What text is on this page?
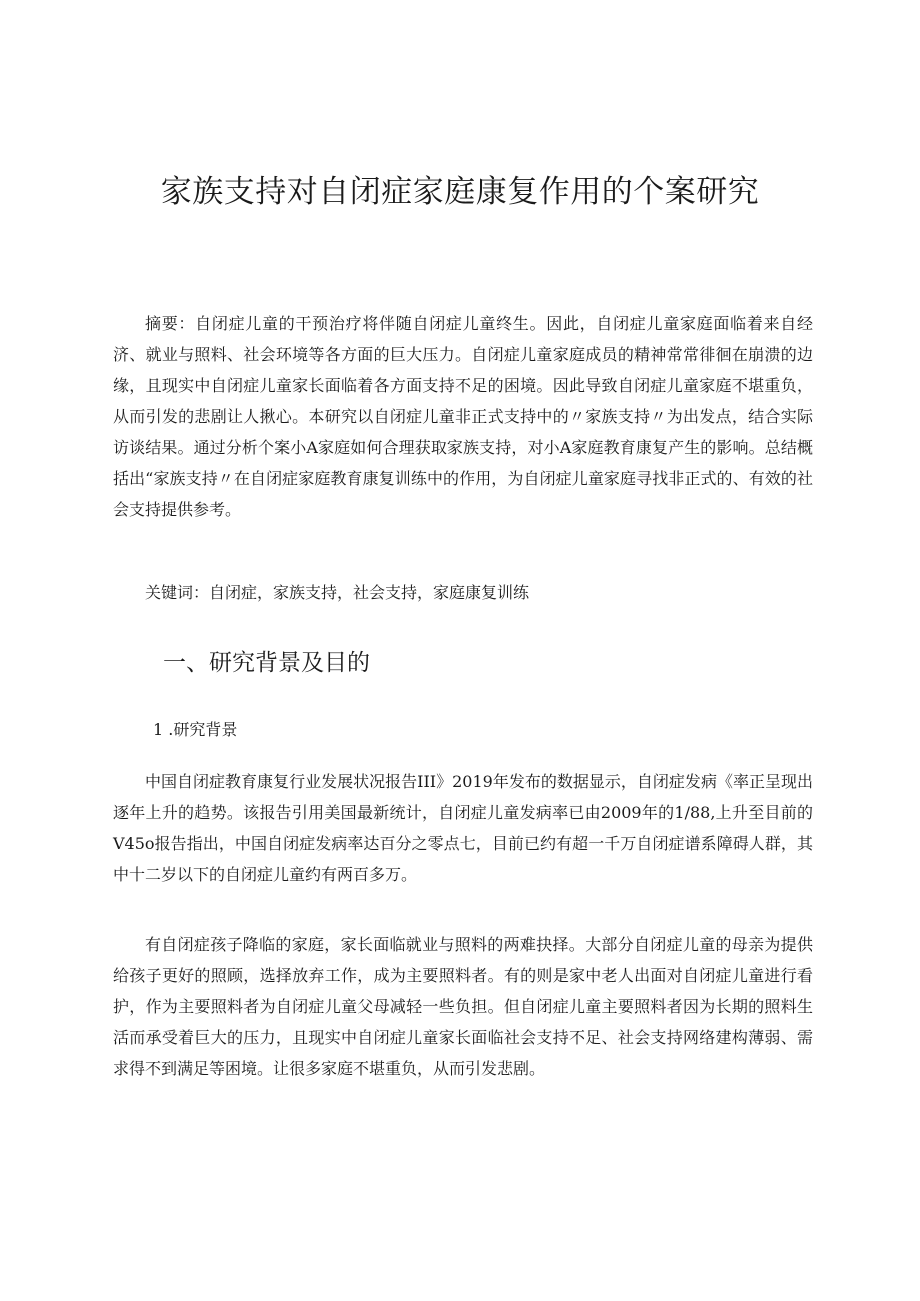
家族支持对自闭症家庭康复作用的个案研究

摘要：自闭症儿童的干预治疗将伴随自闭症儿童终生。因此，自闭症儿童家庭面临着来自经济、就业与照料、社会环境等各方面的巨大压力。自闭症儿童家庭成员的精神常常徘徊在崩溃的边缘，且现实中自闭症儿童家长面临着各方面支持不足的困境。因此导致自闭症儿童家庭不堪重负，从而引发的悲剧让人揪心。本研究以自闭症儿童非正式支持中的〃家族支持〃为出发点，结合实际访谈结果。通过分析个案小A家庭如何合理获取家族支持，对小A家庭教育康复产生的影响。总结概括出“家族支持〃在自闭症家庭教育康复训练中的作用，为自闭症儿童家庭寻找非正式的、有效的社会支持提供参考。

关键词：自闭症，家族支持，社会支持，家庭康复训练

一、研究背景及目的
1 .研究背景

中国自闭症教育康复行业发展状况报告III》2019年发布的数据显示，自闭症发病《率正呈现出逐年上升的趋势。该报告引用美国最新统计，自闭症儿童发病率已由2009年的1/88,上升至目前的V45o报告指出，中国自闭症发病率达百分之零点七，目前已约有超一千万自闭症谱系障碍人群，其中十二岁以下的自闭症儿童约有两百多万。

有自闭症孩子降临的家庭，家长面临就业与照料的两难抉择。大部分自闭症儿童的母亲为提供给孩子更好的照顾，选择放弃工作，成为主要照料者。有的则是家中老人出面对自闭症儿童进行看护，作为主要照料者为自闭症儿童父母减轻一些负担。但自闭症儿童主要照料者因为长期的照料生活而承受着巨大的压力，且现实中自闭症儿童家长面临社会支持不足、社会支持网络建构薄弱、需求得不到满足等困境。让很多家庭不堪重负，从而引发悲剧。
